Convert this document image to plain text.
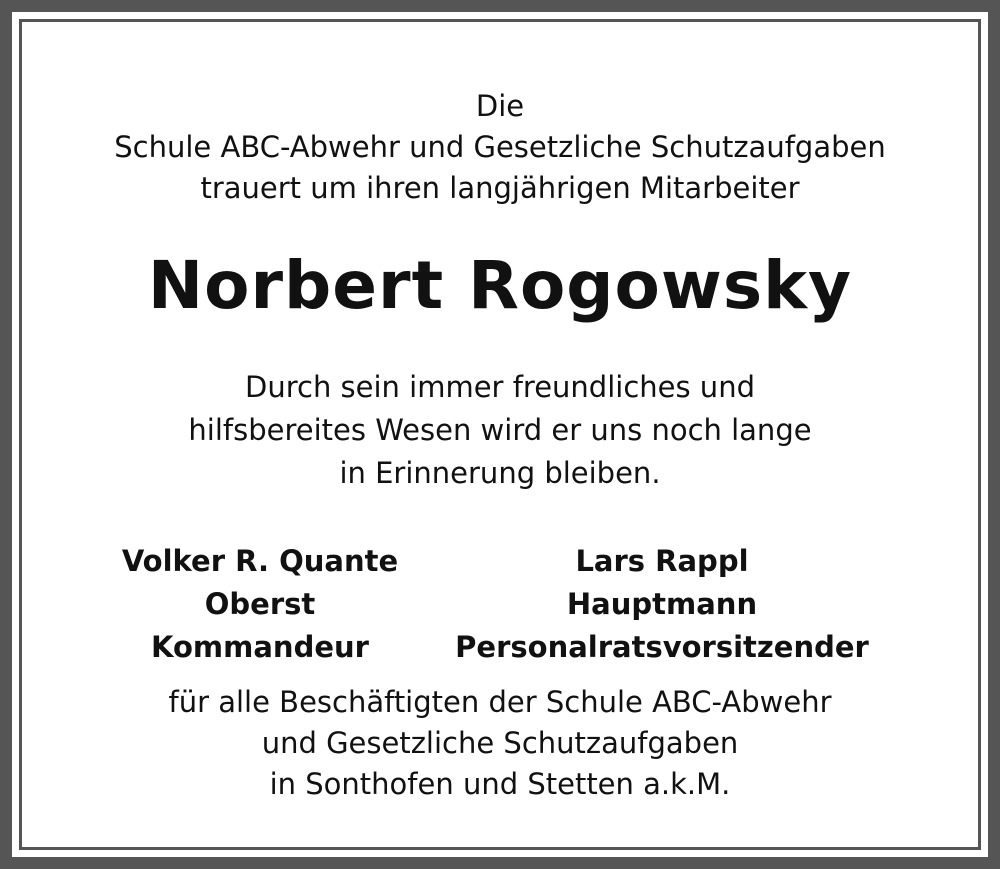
Die
Schule ABC-Abwehr und Gesetzliche Schutzaufgaben
trauert um ihren langjährigen Mitarbeiter
Norbert Rogowsky
Durch sein immer freundliches und
hilfsbereites Wesen wird er uns noch lange
in Erinnerung bleiben.
Volker R. Quante
Oberst
Kommandeur
Lars Rappl
Hauptmann
Personalratsvorsitzender
für alle Beschäftigten der Schule ABC-Abwehr
und Gesetzliche Schutzaufgaben
in Sonthofen und Stetten a.k.M.
